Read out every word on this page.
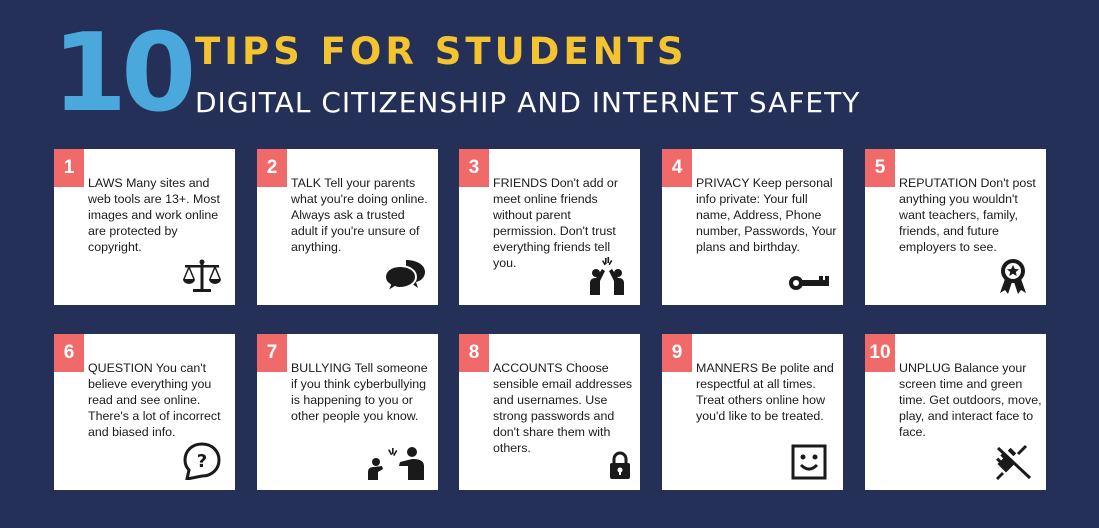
10 TIPS FOR STUDENTS
DIGITAL CITIZENSHIP AND INTERNET SAFETY
1
LAWS Many sites and web tools are 13+. Most images and work online are protected by copyright.
2
TALK Tell your parents what you're doing online. Always ask a trusted adult if you're unsure of anything.
3
FRIENDS Don't add or meet online friends without parent permission. Don't trust everything friends tell you.
4
PRIVACY Keep personal info private: Your full name, Address, Phone number, Passwords, Your plans and birthday.
5
REPUTATION Don't post anything you wouldn't want teachers, family, friends, and future employers to see.
6
QUESTION You can't believe everything you read and see online. There's a lot of incorrect and biased info.
?
7
BULLYING Tell someone if you think cyberbullying is happening to you or other people you know.
8
ACCOUNTS Choose sensible email addresses and usernames. Use strong passwords and don't share them with others.
9
MANNERS Be polite and respectful at all times. Treat others online how you'd like to be treated.
10
UNPLUG Balance your screen time and green time. Get outdoors, move, play, and interact face to face.
